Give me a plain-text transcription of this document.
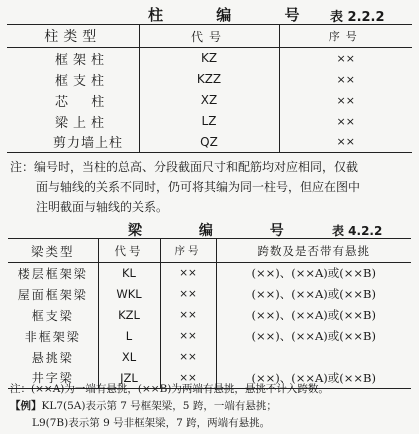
柱 编 号 表 2.2.2
柱类型	代号	序号
框架柱	KZ	××
框支柱	KZZ	××
芯  柱	XZ	××
梁上柱	LZ	××
剪力墙上柱	QZ	××
注：编号时，当柱的总高、分段截面尺寸和配筋均对应相同，仅截
面与轴线的关系不同时，仍可将其编为同一柱号，但应在图中
注明截面与轴线的关系。
梁 编 号 表 4.2.2
梁类型	代号	序号	跨数及是否带有悬挑
楼层框架梁	KL	××	(××)、(××A)或(××B)
屋面框架梁	WKL	××	(××)、(××A)或(××B)
框支梁	KZL	××	(××)、(××A)或(××B)
非框架梁	L	××	(××)、(××A)或(××B)
悬挑梁	XL	××	
井字梁	JZL	××	(××)、(××A)或(××B)
注：(××A)为一端有悬挑，(××B)为两端有悬挑，悬挑不计入跨数。
【例】KL7(5A)表示第 7 号框架梁，5 跨，一端有悬挑；
L9(7B)表示第 9 号非框架梁，7 跨，两端有悬挑。
